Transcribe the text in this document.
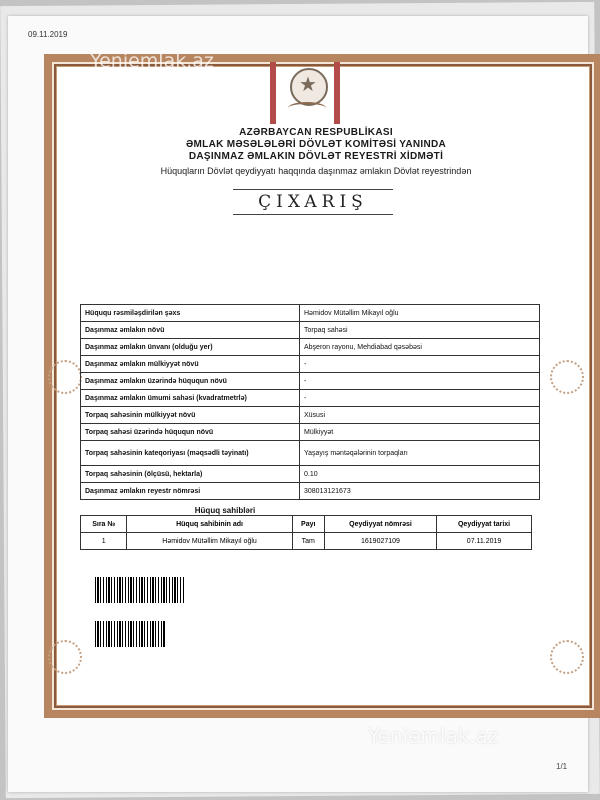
09.11.2019
Yeniemlak.az
★
AZƏRBAYCAN RESPUBLİKASI
ƏMLAK MƏSƏLƏLƏRİ DÖVLƏT KOMİTƏSİ YANINDA
DAŞINMAZ ƏMLAKIN DÖVLƏT REYESTRİ XİDMƏTİ
Hüquqların Dövlət qeydiyyatı haqqında daşınmaz əmlakın Dövlət reyestrindən
ÇIXARIŞ
Hüququ rəsmiləşdirilən şəxs	Həmidov Mütəllim Mikayıl oğlu
Daşınmaz əmlakın növü	Torpaq sahəsi
Daşınmaz əmlakın ünvanı (olduğu yer)	Abşeron rayonu, Mehdiabad qəsəbəsi
Daşınmaz əmlakın mülkiyyət növü	-
Daşınmaz əmlakın üzərində hüququn növü	-
Daşınmaz əmlakın ümumi sahəsi (kvadratmetrlə)	-
Torpaq sahəsinin mülkiyyət növü	Xüsusi
Torpaq sahəsi üzərində hüququn növü	Mülkiyyət
Torpaq sahəsinin kateqoriyası (məqsədli təyinatı)	Yaşayış məntəqələrinin torpaqları
Torpaq sahəsinin (ölçüsü, hektarla)	0.10
Daşınmaz əmlakın reyestr nömrəsi	308013121673
Hüquq sahibləri
Sıra №	Hüquq sahibinin adı	Payı	Qeydiyyat nömrəsi	Qeydiyyat tarixi
1	Həmidov Mütəllim Mikayıl oğlu	Tam	1619027109	07.11.2019
Yeniemlak.az
1/1
